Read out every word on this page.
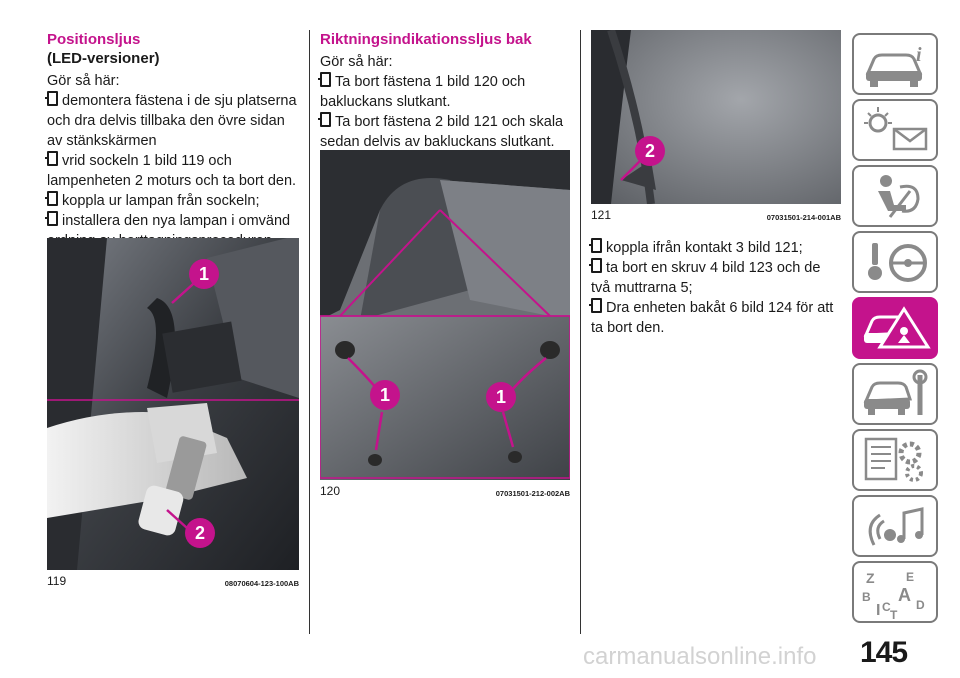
Positionsljus
(LED-versioner)

Gör så här:

demontera fästena i de sju platserna och dra delvis tillbaka den övre sidan av stänkskärmen

vrid sockeln 1 bild 119 och lampenheten 2 moturs och ta bort den.

koppla ur lampan från sockeln;

installera den nya lampan i omvänd

1
2
119	08070604-123-100AB
Riktningsindikationssljus bak

Gör så här:

Ta bort fästena 1 bild 120 och bakluckans slutkant.

Ta bort fästena 2 bild 121 och skala sedan delvis av bakluckans slutkant.

1	1
120	07031501-212-002AB
2
121	07031501-214-001AB

koppla ifrån kontakt 3 bild 121;

ta bort en skruv 4 bild 123 och de två muttrarna 5;

Dra enheten bakåt 6 bild 124 för att ta bort den.

i
Z	E
B A
C D
T
I
145
carmanualsonline.info
